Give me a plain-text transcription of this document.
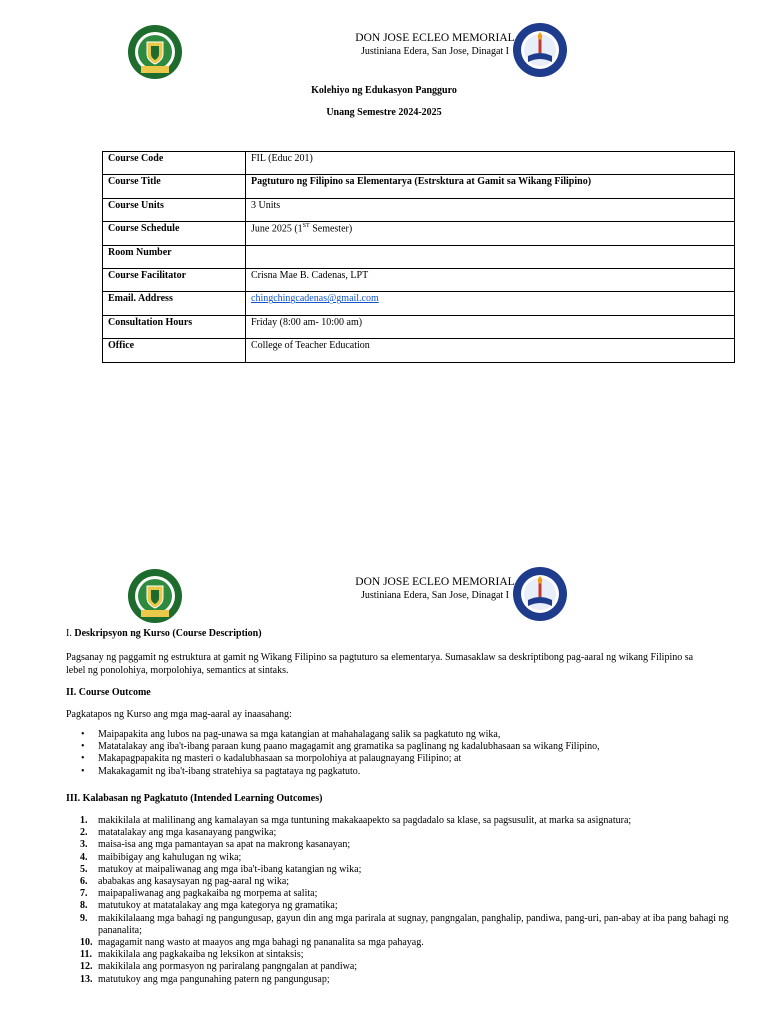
DON JOSE ECLEO MEMORIAL
Justiniana Edera, San Jose, Dinagat I
Kolehiyo ng Edukasyon Pangguro
Unang Semestre 2024-2025
Course Code	FIL (Educ 201)
Course Title	Pagtuturo ng Filipino sa Elementarya (Estrsktura at Gamit sa Wikang Filipino)
Course Units	3 Units
Course Schedule	June 2025 (1ST Semester)
Room Number	
Course Facilitator	Crisna Mae B. Cadenas, LPT
Email. Address	chingchingcadenas@gmail.com
Consultation Hours	Friday (8:00 am- 10:00 am)
Office	College of Teacher Education
DON JOSE ECLEO MEMORIAL
Justiniana Edera, San Jose, Dinagat I
I. Deskripsyon ng Kurso (Course Description)
Pagsanay ng paggamit ng estruktura at gamit ng Wikang Filipino sa pagtuturo sa elementarya. Sumasaklaw sa deskriptibong pag-aaral ng wikang Filipino sa lebel ng ponolohiya, morpolohiya, semantics at sintaks.
II. Course Outcome
Pagkatapos ng Kurso ang mga mag-aaral ay inaasahang:
• Maipapakita ang lubos na pag-unawa sa mga katangian at mahahalagang salik sa pagkatuto ng wika,
• Matatalakay ang iba't-ibang paraan kung paano magagamit ang gramatika sa paglinang ng kadalubhasaan sa wikang Filipino,
• Makapagpapakita ng masteri o kadalubhasaan sa morpolohiya at palaugnayang Filipino; at
• Makakagamit ng iba't-ibang stratehiya sa pagtataya ng pagkatuto.
III. Kalabasan ng Pagkatuto (Intended Learning Outcomes)
1. makikilala at malilinang ang kamalayan sa mga tuntuning makakaapekto sa pagdadalo sa klase, sa pagsusulit, at marka sa asignatura;
2. matatalakay ang mga kasanayang pangwika;
3. maisa-isa ang mga pamantayan sa apat na makrong kasanayan;
4. maibibigay ang kahulugan ng wika;
5. matukoy at maipaliwanag ang mga iba't-ibang katangian ng wika;
6. ababakas ang kasaysayan ng pag-aaral ng wika;
7. maipapaliwanag ang pagkakaiba ng morpema at salita;
8. matutukoy at matatalakay ang mga kategorya ng gramatika;
9. makikilalaang mga bahagi ng pangungusap, gayun din ang mga parirala at sugnay, pangngalan, panghalip, pandiwa, pang-uri, pan-abay at iba pang bahagi ng pananalita;
10. magagamit nang wasto at maayos ang mga bahagi ng pananalita sa mga pahayag.
11. makikilala ang pagkakaiba ng leksikon at sintaksis;
12. makikilala ang pormasyon ng pariralang pangngalan at pandiwa;
13. matutukoy ang mga pangunahing patern ng pangungusap;
